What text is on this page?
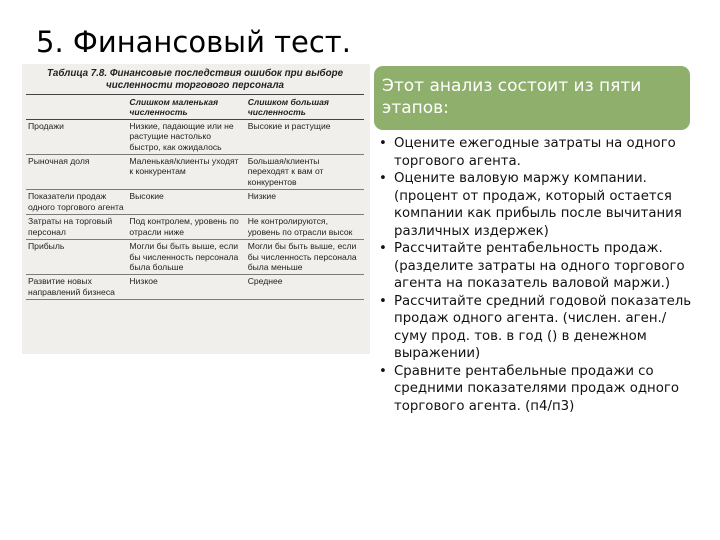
5. Финансовый тест.
Таблица 7.8. Финансовые последствия ошибок при выборе
численности торгового персонала
	Слишком маленькая численность	Слишком большая численность
Продажи	Низкие, падающие или не растущие настолько быстро, как ожидалось	Высокие и растущие
Рыночная доля	Маленькая/клиенты уходят к конкурентам	Большая/клиенты переходят к вам от конкурентов
Показатели продаж одного торгового агента	Высокие	Низкие
Затраты на торговый персонал	Под контролем, уровень по отрасли ниже	Не контролируются, уровень по отрасли высок
Прибыль	Могли бы быть выше, если бы численность персонала была больше	Могли бы быть выше, если бы численность персонала была меньше
Развитие новых направлений бизнеса	Низкое	Среднее
Этот анализ состоит из пяти этапов:
• Оцените ежегодные затраты на одного торгового агента.
• Оцените валовую маржу компании. (процент от продаж, который остается компании как прибыль после вычитания различных издержек)
• Рассчитайте рентабельность продаж. (разделите затраты на одного торгового агента на показатель валовой маржи.)
• Рассчитайте средний годовой показатель продаж одного агента. (числен. аген./ суму прод. тов. в год () в денежном выражении)
• Сравните рентабельные продажи со средними показателями продаж одного торгового агента. (п4/п3)
